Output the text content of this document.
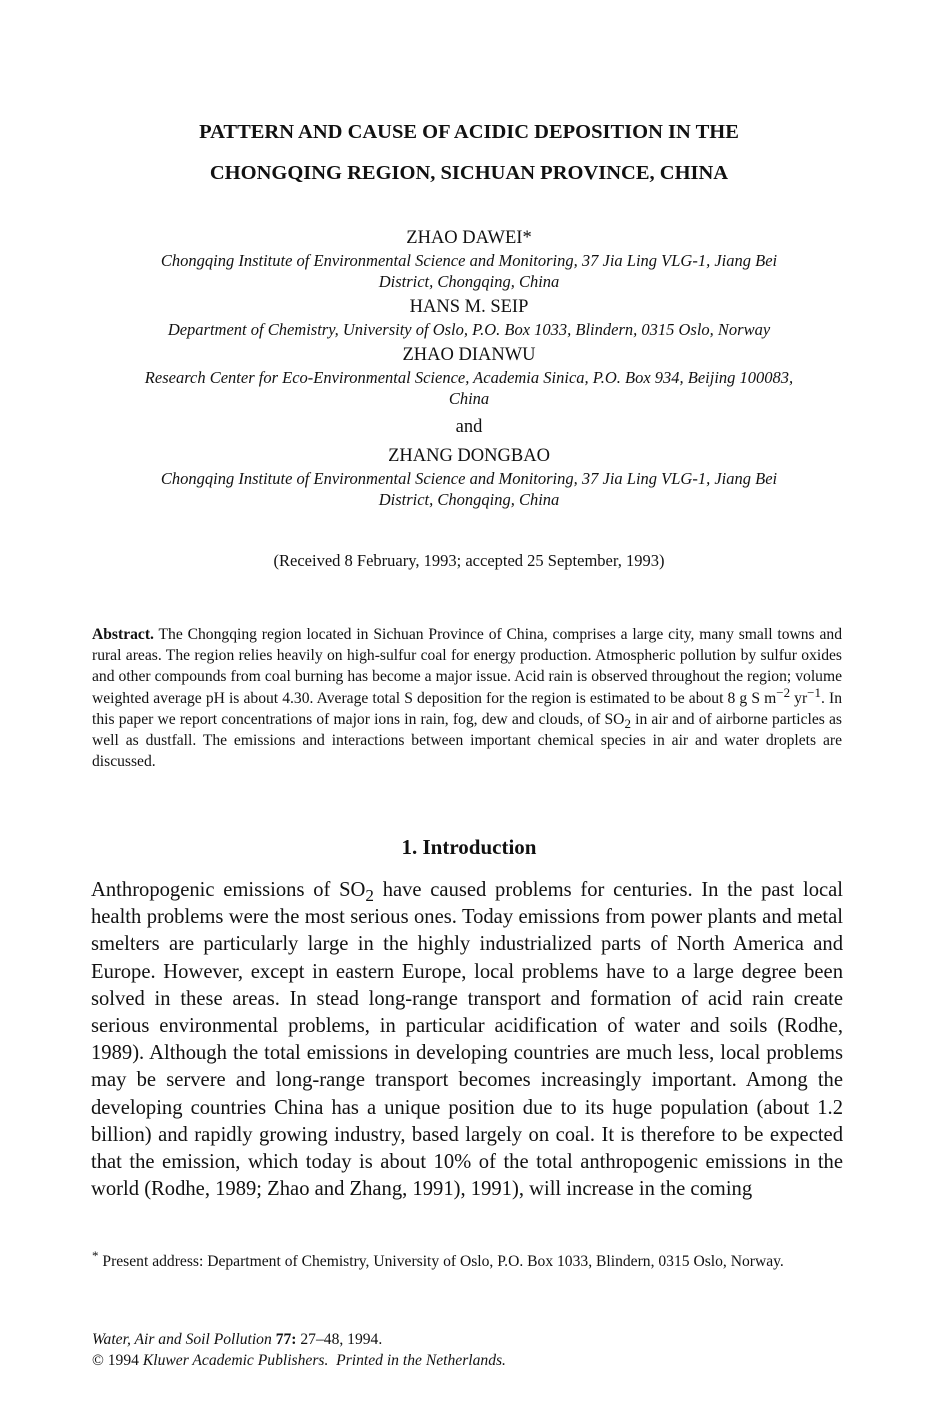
PATTERN AND CAUSE OF ACIDIC DEPOSITION IN THE
CHONGQING REGION, SICHUAN PROVINCE, CHINA
ZHAO DAWEI*
Chongqing Institute of Environmental Science and Monitoring, 37 Jia Ling VLG-1, Jiang Bei
District, Chongqing, China
HANS M. SEIP
Department of Chemistry, University of Oslo, P.O. Box 1033, Blindern, 0315 Oslo, Norway
ZHAO DIANWU
Research Center for Eco-Environmental Science, Academia Sinica, P.O. Box 934, Beijing 100083,
China
and
ZHANG DONGBAO
Chongqing Institute of Environmental Science and Monitoring, 37 Jia Ling VLG-1, Jiang Bei
District, Chongqing, China
(Received 8 February, 1993; accepted 25 September, 1993)
Abstract. The Chongqing region located in Sichuan Province of China, comprises a large city, many small towns and rural areas. The region relies heavily on high-sulfur coal for energy production. Atmospheric pollution by sulfur oxides and other compounds from coal burning has become a major issue. Acid rain is observed throughout the region; volume weighted average pH is about 4.30. Average total S deposition for the region is estimated to be about 8 g S $m^{-2}$ $yr^{-1}$. In this paper we report concentrations of major ions in rain, fog, dew and clouds, of $SO_2$ in air and of airborne particles as well as dustfall. The emissions and interactions between important chemical species in air and water droplets are discussed.
1. Introduction
Anthropogenic emissions of $SO_2$ have caused problems for centuries. In the past local health problems were the most serious ones. Today emissions from power plants and metal smelters are particularly large in the highly industrialized parts of North America and Europe. However, except in eastern Europe, local problems have to a large degree been solved in these areas. In stead long-range transport and formation of acid rain create serious environmental problems, in particular acidification of water and soils (Rodhe, 1989). Although the total emissions in developing countries are much less, local problems may be servere and long-range transport becomes increasingly important. Among the developing countries China has a unique position due to its huge population (about 1.2 billion) and rapidly growing industry, based largely on coal. It is therefore to be expected that the emission, which today is about 10% of the total anthropogenic emissions in the world (Rodhe, 1989; Zhao and Zhang, 1991), 1991), will increase in the coming
* Present address: Department of Chemistry, University of Oslo, P.O. Box 1033, Blindern, 0315 Oslo, Norway.
Water, Air and Soil Pollution 77: 27–48, 1994.
© 1994 Kluwer Academic Publishers. Printed in the Netherlands.
